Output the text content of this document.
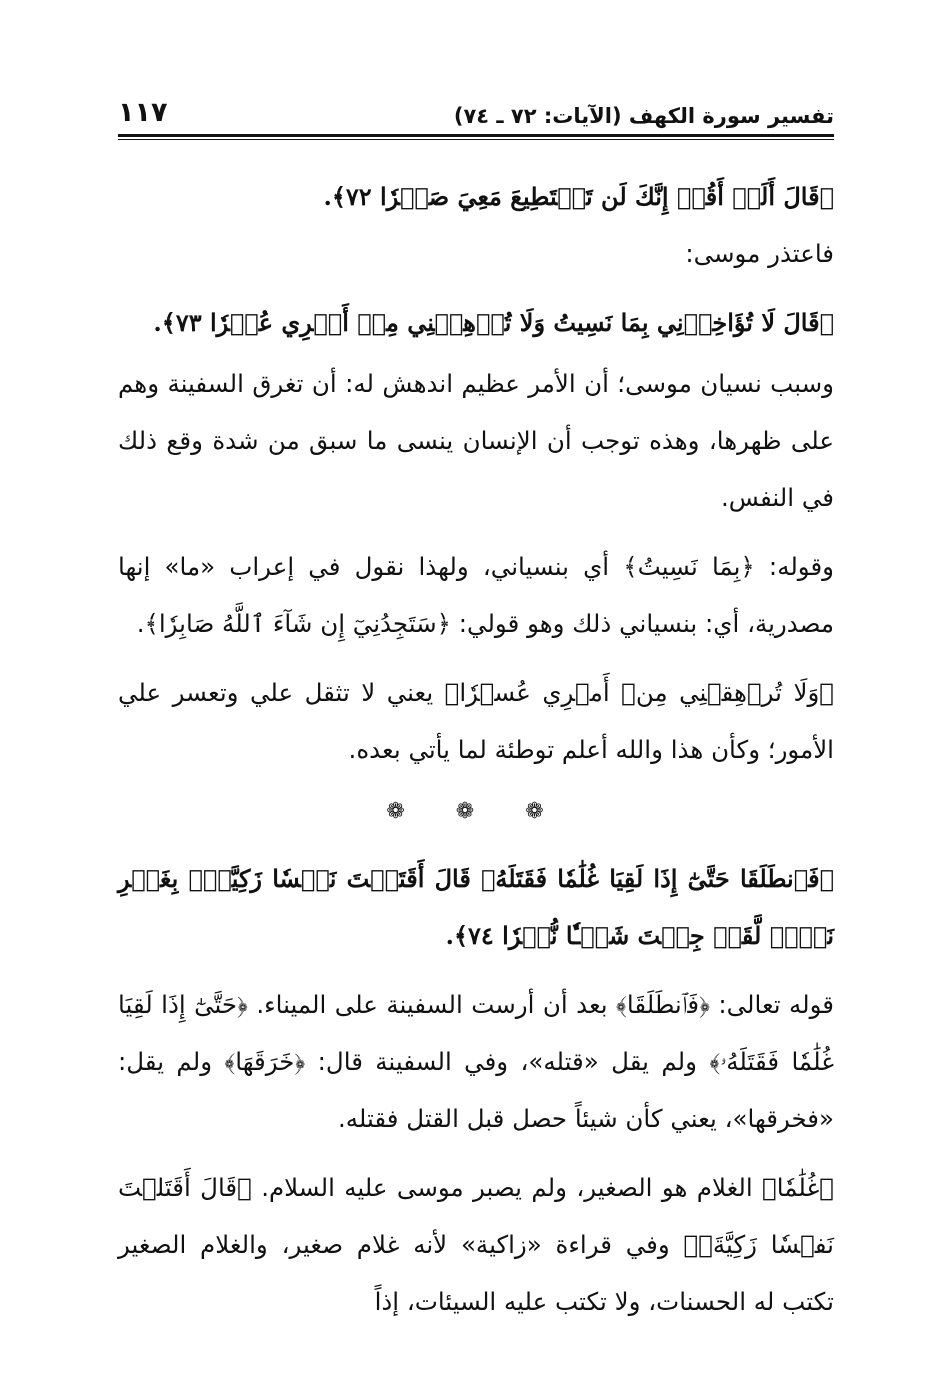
تفسير سورة الكهف (الآيات: ٧٢ ـ ٧٤)
١١٧

﴿قَالَ أَلَمۡ أَقُلۡ إِنَّكَ لَن تَسۡتَطِيعَ مَعِيَ صَبۡرٗا ٧٢﴾.

فاعتذر موسى:

﴿قَالَ لَا تُؤَاخِذۡنِي بِمَا نَسِيتُ وَلَا تُرۡهِقۡنِي مِنۡ أَمۡرِي عُسۡرٗا ٧٣﴾.

وسبب نسيان موسى؛ أن الأمر عظيم اندهش له: أن تغرق السفينة وهم على ظهرها، وهذه توجب أن الإنسان ينسى ما سبق من شدة وقع ذلك في النفس.

وقوله: ﴿بِمَا نَسِيتُ﴾ أي بنسياني، ولهذا نقول في إعراب «ما» إنها مصدرية، أي: بنسياني ذلك وهو قولي: ﴿سَتَجِدُنِيٓ إِن شَآءَ ٱللَّهُ صَابِرٗا﴾.

﴿وَلَا تُرۡهِقۡنِي مِنۡ أَمۡرِي عُسۡرٗا﴾ يعني لا تثقل علي وتعسر علي الأمور؛ وكأن هذا والله أعلم توطئة لما يأتي بعده.

❁ ❁ ❁

﴿فَٱنطَلَقَا حَتَّىٰٓ إِذَا لَقِيَا غُلَٰمٗا فَقَتَلَهُۥ قَالَ أَقَتَلۡتَ نَفۡسٗا زَكِيَّةَۢ بِغَيۡرِ نَفۡسٖ لَّقَدۡ جِئۡتَ شَيۡـٔٗا نُّكۡرٗا ٧٤﴾.

قوله تعالى: ﴿فَٱنطَلَقَا﴾ بعد أن أرست السفينة على الميناء. ﴿حَتَّىٰٓ إِذَا لَقِيَا غُلَٰمٗا فَقَتَلَهُۥ﴾ ولم يقل «قتله»، وفي السفينة قال: ﴿خَرَقَهَا﴾ ولم يقل: «فخرقها»، يعني كأن شيئاً حصل قبل القتل فقتله.

﴿غُلَٰمٗا﴾ الغلام هو الصغير، ولم يصبر موسى عليه السلام. ﴿قَالَ أَقَتَلۡتَ نَفۡسٗا زَكِيَّةَۢ﴾ وفي قراءة «زاكية» لأنه غلام صغير، والغلام الصغير تكتب له الحسنات، ولا تكتب عليه السيئات، إذاً
